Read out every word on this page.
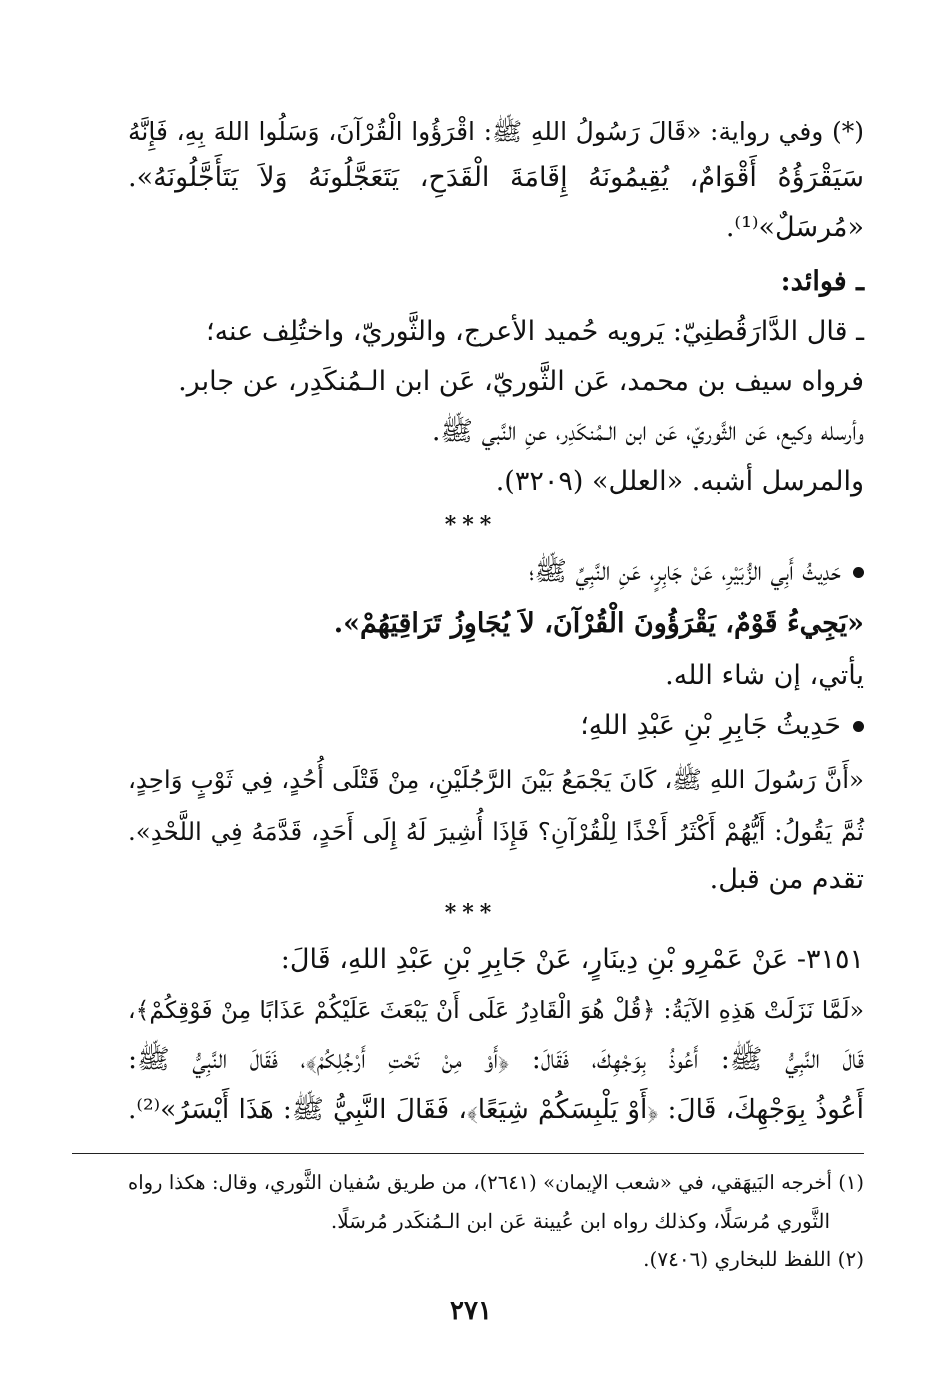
(*) وفي رواية: «قَالَ رَسُولُ اللهِ ﷺ: اقْرَؤُوا الْقُرْآنَ، وَسَلُوا اللهَ بِهِ، فَإِنَّهُ
سَيَقْرَؤُهُ أَقْوَامٌ، يُقِيمُونَهُ إِقَامَةَ الْقَدَحِ، يَتَعَجَّلُونَهُ وَلاَ يَتَأَجَّلُونَهُ».
«مُرسَلٌ»⁽¹⁾.
ـ فوائد:
ـ قال الدَّارَقُطنِيّ: يَرويه حُميد الأعرج، والثَّوريّ، واختُلِف عنه؛
فرواه سيف بن محمد، عَن الثَّوريّ، عَن ابن الـمُنكَدِر، عن جابر.
وأرسله وكيع، عَن الثَّوريّ، عَن ابن الـمُنكَدِر، عنِ النَّبي ﷺ.
والمرسل أشبه. «العلل» (٣٢٠٩).
***
حَدِيثُ أَبِي الزُّبَيْرِ، عَنْ جَابِرٍ، عَنِ النَّبِيِّ ﷺ؛
«يَجِيءُ قَوْمٌ، يَقْرَؤُونَ الْقُرْآنَ، لاَ يُجَاوِزُ تَرَاقِيَهُمْ».
يأتي، إن شاء الله.
حَدِيثُ جَابِرِ بْنِ عَبْدِ اللهِ؛
«أَنَّ رَسُولَ اللهِ ﷺ، كَانَ يَجْمَعُ بَيْنَ الرَّجُلَيْنِ، مِنْ قَتْلَى أُحُدٍ، فِي ثَوْبٍ وَاحِدٍ،
ثُمَّ يَقُولُ: أَيُّهُمْ أَكْثَرُ أَخْذًا لِلْقُرْآنِ؟ فَإِذَا أُشِيرَ لَهُ إِلَى أَحَدٍ، قَدَّمَهُ فِي اللَّحْدِ».
تقدم من قبل.
***
٣١٥١- عَنْ عَمْرِو بْنِ دِينَارٍ، عَنْ جَابِرِ بْنِ عَبْدِ اللهِ، قَالَ:
«لَمَّا نَزَلَتْ هَذِهِ الآيَةُ: ﴿قُلْ هُوَ الْقَادِرُ عَلَى أَنْ يَبْعَثَ عَلَيْكُمْ عَذَابًا مِنْ فَوْقِكُمْ﴾،
قَالَ النَّبِيُّ ﷺ: أَعُوذُ بِوَجْهِكَ، فَقَالَ: ﴿أَوْ مِنْ تَحْتِ أَرْجُلِكُمْ﴾، فَقَالَ النَّبِيُّ ﷺ:
أَعُوذُ بِوَجْهِكَ، قَالَ: ﴿أَوْ يَلْبِسَكُمْ شِيَعًا﴾، فَقَالَ النَّبِيُّ ﷺ: هَذَا أَيْسَرُ»⁽²⁾.
(١) أخرجه البَيهَقي، في «شعب الإيمان» (٢٦٤١)، من طريق سُفيان الثَّوري، وقال: هكذا رواه
الثَّوري مُرسَلًا، وكذلك رواه ابن عُيينة عَن ابن الـمُنكَدر مُرسَلًا.
(٢) اللفظ للبخاري (٧٤٠٦).
٢٧١
